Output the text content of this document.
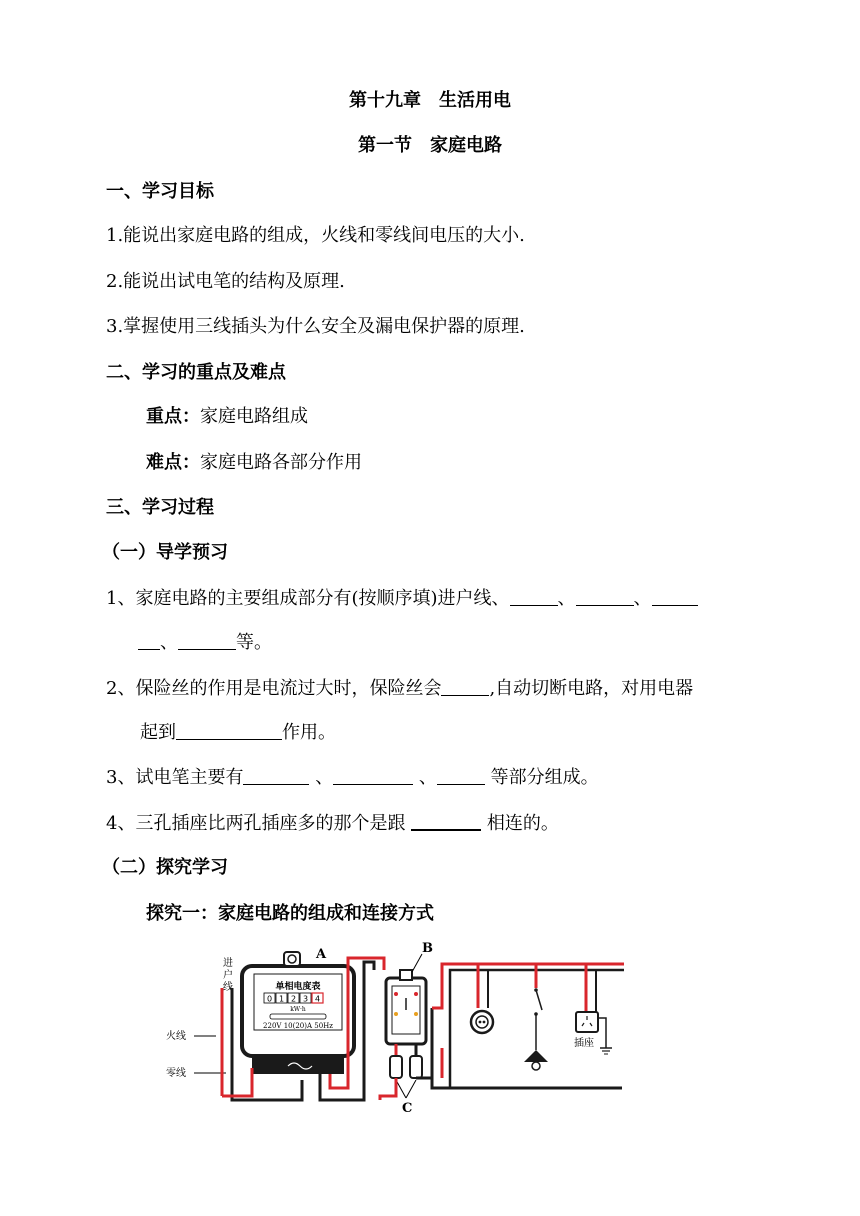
第十九章　生活用电
第一节　家庭电路
一、学习目标
1.能说出家庭电路的组成，火线和零线间电压的大小.
2.能说出试电笔的结构及原理.
3.掌握使用三线插头为什么安全及漏电保护器的原理.
二、学习的重点及难点
重点：家庭电路组成
难点：家庭电路各部分作用
三、学习过程
（一）导学预习
1、家庭电路的主要组成部分有(按顺序填)进户线、	、	、
、	等。
2、保险丝的作用是电流过大时，保险丝会	,自动切断电路，对用电器
起到	作用。
3、试电笔主要有	、	、	等部分组成。
4、三孔插座比两孔插座多的那个是跟	相连的。
（二）探究学习
探究一：家庭电路的组成和连接方式
进
户
线
火线
零线
单相电度表
0 1 2 3 4
kW·h
220V 10(20)A 50Hz
A	B
C
插座
